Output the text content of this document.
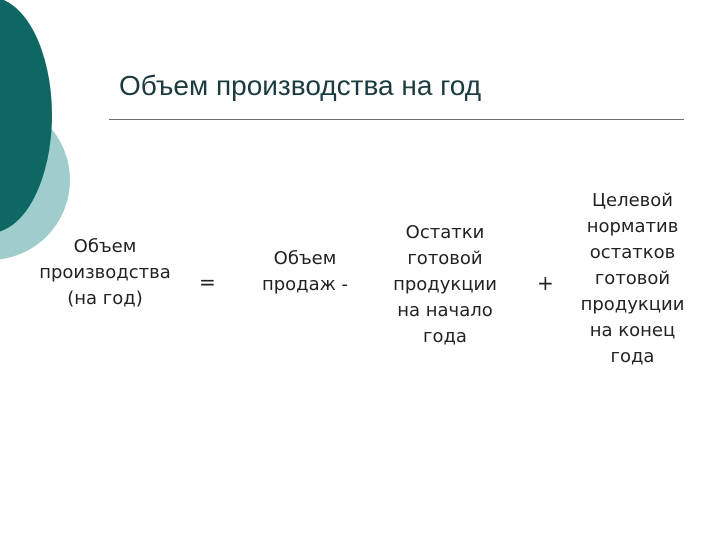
Объем производства на год
Объем
производства
(на год)
=
Объем
продаж -
Остатки
готовой
продукции
на начало
года
+
Целевой
норматив
остатков
готовой
продукции
на конец
года
